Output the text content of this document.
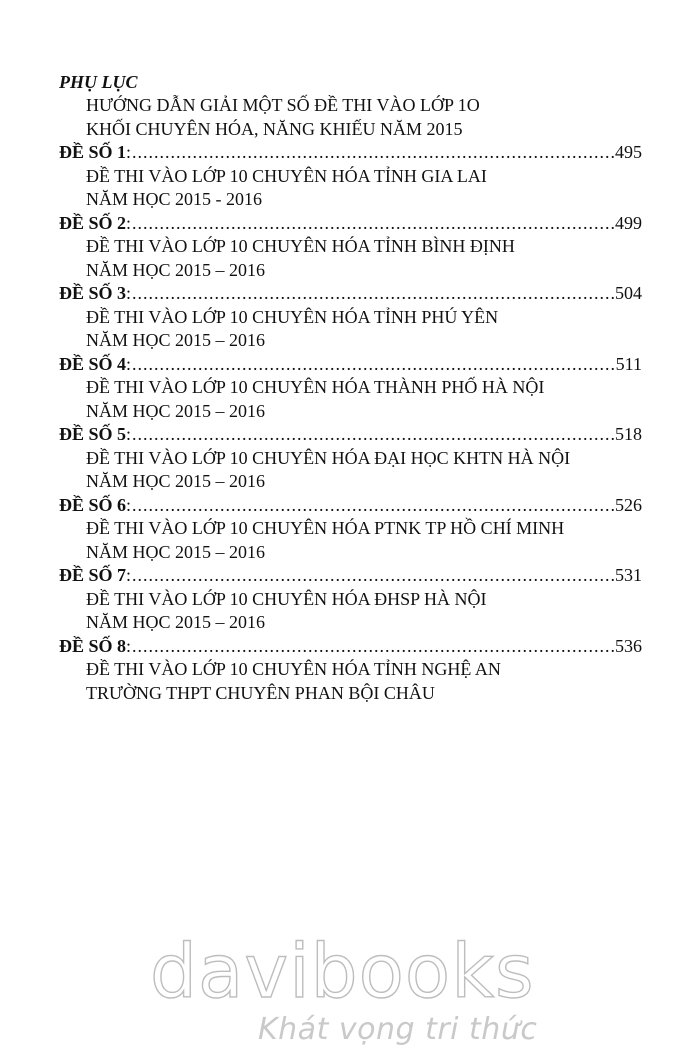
PHỤ LỤC
HƯỚNG DẪN GIẢI MỘT SỐ ĐỀ THI VÀO LỚP 1O
KHỐI CHUYÊN HÓA, NĂNG KHIẾU NĂM 2015
ĐỀ SỐ 1 : .....	495
ĐỀ THI VÀO LỚP 10 CHUYÊN HÓA TỈNH GIA LAI
NĂM HỌC 2015 - 2016
ĐỀ SỐ 2 : .....	499
ĐỀ THI VÀO LỚP 10 CHUYÊN HÓA TỈNH BÌNH ĐỊNH
NĂM HỌC 2015 – 2016
ĐỀ SỐ 3 : .....	504
ĐỀ THI VÀO LỚP 10 CHUYÊN HÓA TỈNH PHÚ YÊN
NĂM HỌC 2015 – 2016
ĐỀ SỐ 4 : .....	511
ĐỀ THI VÀO LỚP 10 CHUYÊN HÓA THÀNH PHỐ HÀ NỘI
NĂM HỌC 2015 – 2016
ĐỀ SỐ 5 : .....	518
ĐỀ THI VÀO LỚP 10 CHUYÊN HÓA ĐẠI HỌC KHTN HÀ NỘI
NĂM HỌC 2015 – 2016
ĐỀ SỐ 6 : .....	526
ĐỀ THI VÀO LỚP 10 CHUYÊN HÓA PTNK TP HỒ CHÍ MINH
NĂM HỌC 2015 – 2016
ĐỀ SỐ 7 : .....	531
ĐỀ THI VÀO LỚP 10 CHUYÊN HÓA ĐHSP HÀ NỘI
NĂM HỌC 2015 – 2016
ĐỀ SỐ 8 : .....	536
ĐỀ THI VÀO LỚP 10 CHUYÊN HÓA TỈNH NGHỆ AN
TRƯỜNG THPT CHUYÊN PHAN BỘI CHÂU
davibooks
Khát vọng tri thức
